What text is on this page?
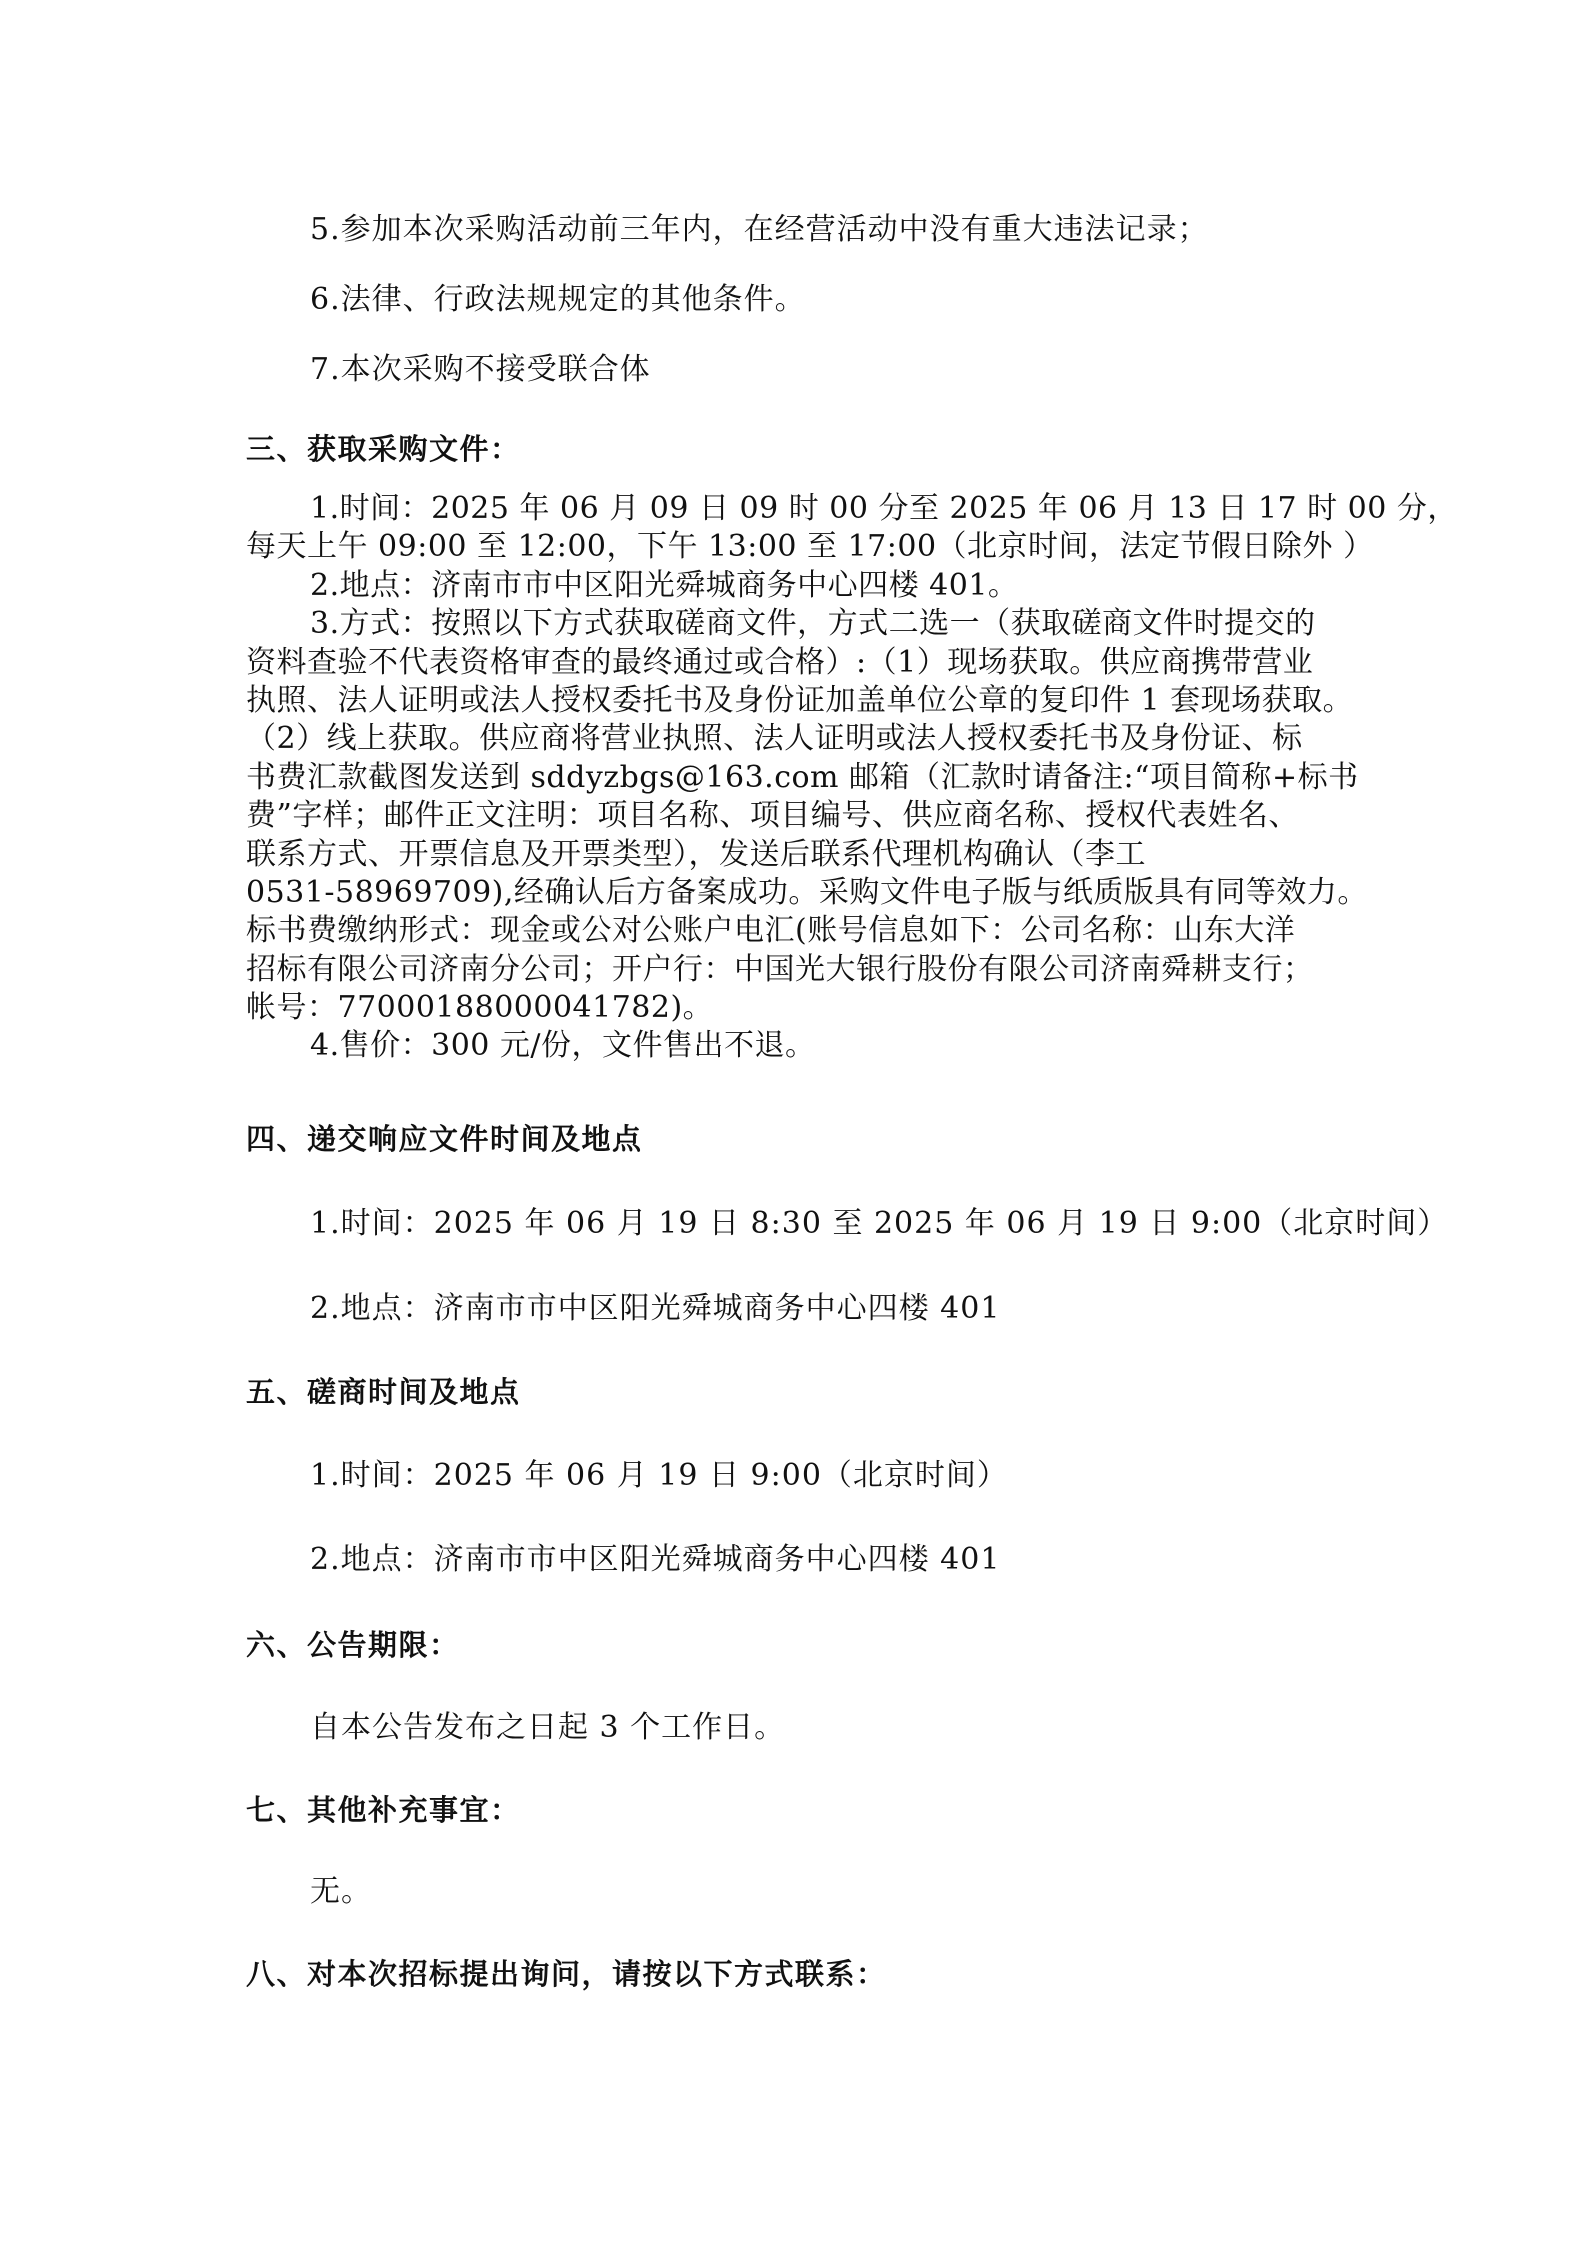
5.参加本次采购活动前三年内，在经营活动中没有重大违法记录；
6.法律、行政法规规定的其他条件。
7.本次采购不接受联合体
三、获取采购文件：
1.时间：2025 年 06 月 09 日 09 时 00 分至 2025 年 06 月 13 日 17 时 00 分，
每天上午 09:00 至 12:00，下午 13:00 至 17:00（北京时间，法定节假日除外 ）
2.地点：济南市市中区阳光舜城商务中心四楼 401。
3.方式：按照以下方式获取磋商文件，方式二选一（获取磋商文件时提交的
资料查验不代表资格审查的最终通过或合格）:（1）现场获取。供应商携带营业
执照、法人证明或法人授权委托书及身份证加盖单位公章的复印件 1 套现场获取。
（2）线上获取。供应商将营业执照、法人证明或法人授权委托书及身份证、标
书费汇款截图发送到 sddyzbgs@163.com 邮箱（汇款时请备注:“项目简称+标书
费”字样；邮件正文注明：项目名称、项目编号、供应商名称、授权代表姓名、
联系方式、开票信息及开票类型），发送后联系代理机构确认（李工
0531-58969709),经确认后方备案成功。采购文件电子版与纸质版具有同等效力。
标书费缴纳形式：现金或公对公账户电汇(账号信息如下：公司名称：山东大洋
招标有限公司济南分公司；开户行：中国光大银行股份有限公司济南舜耕支行；
帐号：77000188000041782)。
4.售价：300 元/份，文件售出不退。
四、递交响应文件时间及地点
1.时间：2025 年 06 月 19 日 8:30 至 2025 年 06 月 19 日 9:00（北京时间）
2.地点：济南市市中区阳光舜城商务中心四楼 401
五、磋商时间及地点
1.时间：2025 年 06 月 19 日 9:00（北京时间）
2.地点：济南市市中区阳光舜城商务中心四楼 401
六、公告期限：
自本公告发布之日起 3 个工作日。
七、其他补充事宜：
无。
八、对本次招标提出询问，请按以下方式联系：
